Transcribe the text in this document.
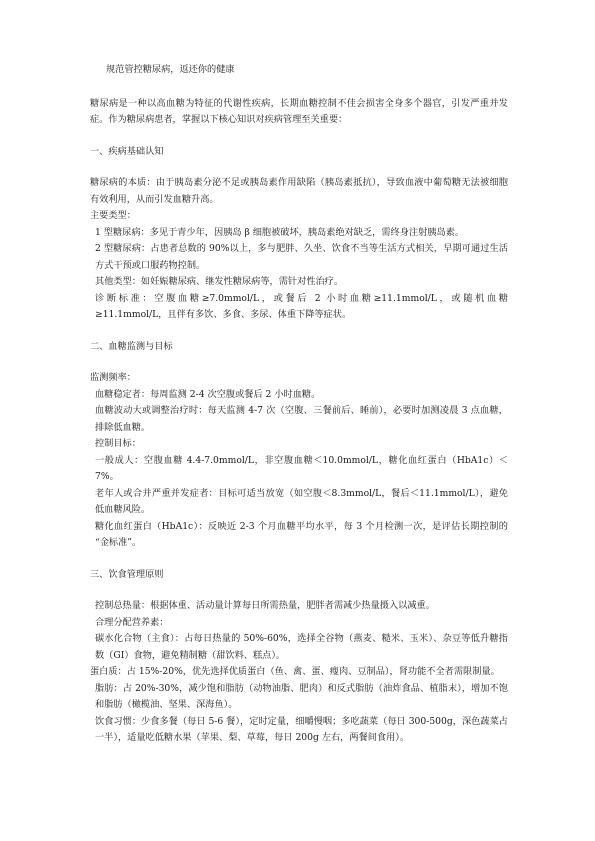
规范管控糖尿病，返还你的健康

糖尿病是一种以高血糖为特征的代谢性疾病，长期血糖控制不佳会损害全身多个器官，引发严重并发症。作为糖尿病患者，掌握以下核心知识对疾病管理至关重要：

一、疾病基础认知

糖尿病的本质：由于胰岛素分泌不足或胰岛素作用缺陷（胰岛素抵抗），导致血液中葡萄糖无法被细胞有效利用，从而引发血糖升高。

主要类型：

1 型糖尿病：多见于青少年，因胰岛 β 细胞被破坏，胰岛素绝对缺乏，需终身注射胰岛素。

2 型糖尿病：占患者总数的 90%以上，多与肥胖、久坐、饮食不当等生活方式相关，早期可通过生活方式干预或口服药物控制。

其他类型：如妊娠糖尿病、继发性糖尿病等，需针对性治疗。

诊断标准：空腹血糖≥7.0mmol/L，或餐后 2 小时血糖≥11.1mmol/L，或随机血糖≥11.1mmol/L，且伴有多饮、多食、多尿、体重下降等症状。

二、血糖监测与目标

监测频率：

血糖稳定者：每周监测 2-4 次空腹或餐后 2 小时血糖。

血糖波动大或调整治疗时：每天监测 4-7 次（空腹、三餐前后、睡前），必要时加测凌晨 3 点血糖，排除低血糖。

控制目标：

一般成人：空腹血糖 4.4-7.0mmol/L，非空腹血糖＜10.0mmol/L，糖化血红蛋白（HbA1c）＜7%。

老年人或合并严重并发症者：目标可适当放宽（如空腹＜8.3mmol/L，餐后＜11.1mmol/L），避免低血糖风险。

糖化血红蛋白（HbA1c）：反映近 2-3 个月血糖平均水平，每 3 个月检测一次，是评估长期控制的 “金标准”。

三、饮食管理原则

控制总热量：根据体重、活动量计算每日所需热量，肥胖者需减少热量摄入以减重。

合理分配营养素：

碳水化合物（主食）：占每日热量的 50%-60%，选择全谷物（燕麦、糙米、玉米）、杂豆等低升糖指数（GI）食物，避免精制糖（甜饮料、糕点）。

蛋白质：占 15%-20%，优先选择优质蛋白（鱼、禽、蛋、瘦肉、豆制品），肾功能不全者需限制量。

脂肪：占 20%-30%，减少饱和脂肪（动物油脂、肥肉）和反式脂肪（油炸食品、植脂末），增加不饱和脂肪（橄榄油、坚果、深海鱼）。

饮食习惯：少食多餐（每日 5-6 餐），定时定量，细嚼慢咽；多吃蔬菜（每日 300-500g，深色蔬菜占一半），适量吃低糖水果（苹果、梨、草莓，每日 200g 左右，两餐间食用）。
